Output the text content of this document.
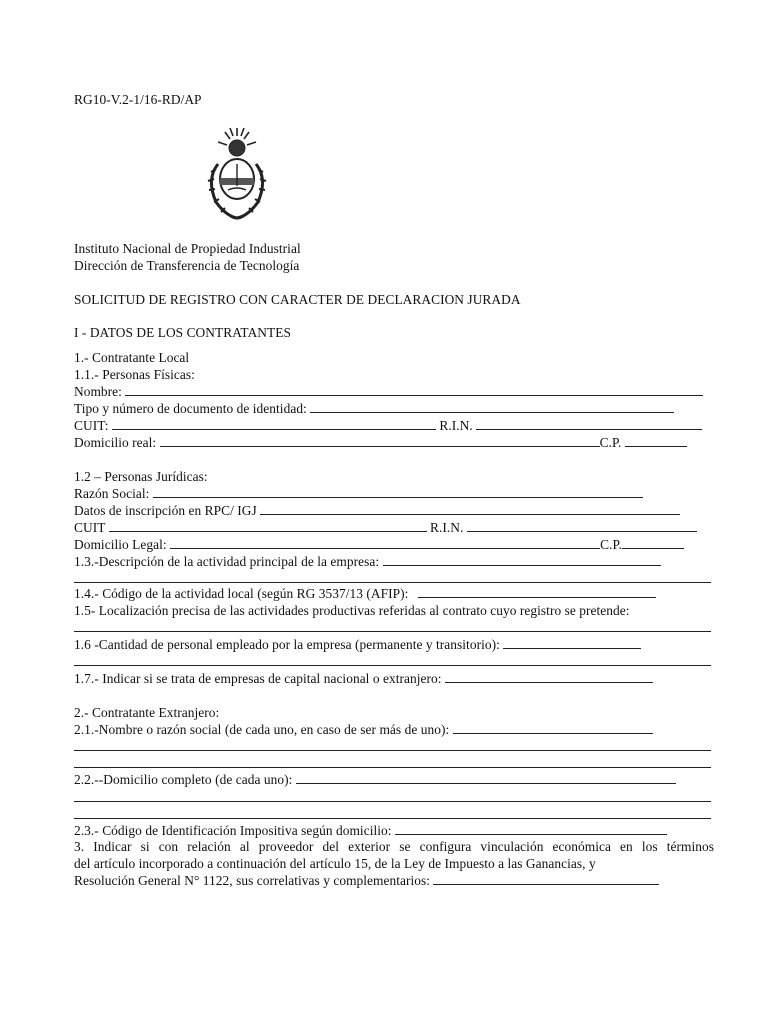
RG10-V.2-1/16-RD/AP
Instituto Nacional de Propiedad Industrial
Dirección de Transferencia de Tecnología
SOLICITUD DE REGISTRO CON CARACTER DE DECLARACION JURADA
I - DATOS DE LOS CONTRATANTES
1.- Contratante Local
1.1.- Personas Físicas:
Nombre:
Tipo y número de documento de identidad:
CUIT:	R.I.N.
Domicilio real:	C.P.
1.2 – Personas Jurídicas:
Razón Social:
Datos de inscripción en RPC/ IGJ
CUIT	R.I.N.
Domicilio Legal:	C.P.
1.3.-Descripción de la actividad principal de la empresa:
1.4.- Código de la actividad local (según RG 3537/13 (AFIP):
1.5- Localización precisa de las actividades productivas referidas al contrato cuyo registro se pretende:
1.6 -Cantidad de personal empleado por la empresa (permanente y transitorio):
1.7.- Indicar si se trata de empresas de capital nacional o extranjero:
2.- Contratante Extranjero:
2.1.-Nombre o razón social (de cada uno, en caso de ser más de uno):
2.2.--Domicilio completo (de cada uno):
2.3.- Código de Identificación Impositiva según domicilio:
3. Indicar si con relación al proveedor del exterior se configura vinculación económica en los términos
del artículo incorporado a continuación del artículo 15, de la Ley de Impuesto a las Ganancias, y
Resolución General N° 1122, sus correlativas y complementarios:
